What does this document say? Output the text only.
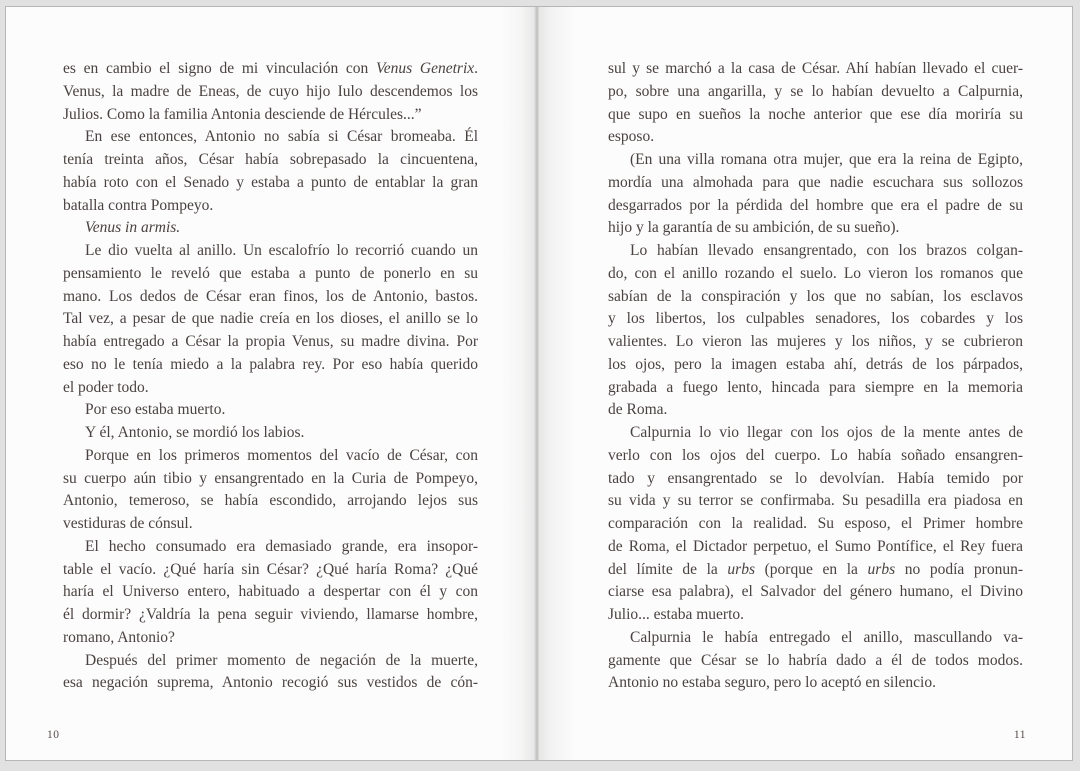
es en cambio el signo de mi vinculación con Venus Genetrix.
Venus, la madre de Eneas, de cuyo hijo Iulo descendemos los
Julios. Como la familia Antonia desciende de Hércules...”
En ese entonces, Antonio no sabía si César bromeaba. Él
tenía treinta años, César había sobrepasado la cincuentena,
había roto con el Senado y estaba a punto de entablar la gran
batalla contra Pompeyo.
Venus in armis.
Le dio vuelta al anillo. Un escalofrío lo recorrió cuando un
pensamiento le reveló que estaba a punto de ponerlo en su
mano. Los dedos de César eran finos, los de Antonio, bastos.
Tal vez, a pesar de que nadie creía en los dioses, el anillo se lo
había entregado a César la propia Venus, su madre divina. Por
eso no le tenía miedo a la palabra rey. Por eso había querido
el poder todo.
Por eso estaba muerto.
Y él, Antonio, se mordió los labios.
Porque en los primeros momentos del vacío de César, con
su cuerpo aún tibio y ensangrentado en la Curia de Pompeyo,
Antonio, temeroso, se había escondido, arrojando lejos sus
vestiduras de cónsul.
El hecho consumado era demasiado grande, era insopor-
table el vacío. ¿Qué haría sin César? ¿Qué haría Roma? ¿Qué
haría el Universo entero, habituado a despertar con él y con
él dormir? ¿Valdría la pena seguir viviendo, llamarse hombre,
romano, Antonio?
Después del primer momento de negación de la muerte,
esa negación suprema, Antonio recogió sus vestidos de cón-
10
sul y se marchó a la casa de César. Ahí habían llevado el cuer-
po, sobre una angarilla, y se lo habían devuelto a Calpurnia,
que supo en sueños la noche anterior que ese día moriría su
esposo.
(En una villa romana otra mujer, que era la reina de Egipto,
mordía una almohada para que nadie escuchara sus sollozos
desgarrados por la pérdida del hombre que era el padre de su
hijo y la garantía de su ambición, de su sueño).
Lo habían llevado ensangrentado, con los brazos colgan-
do, con el anillo rozando el suelo. Lo vieron los romanos que
sabían de la conspiración y los que no sabían, los esclavos
y los libertos, los culpables senadores, los cobardes y los
valientes. Lo vieron las mujeres y los niños, y se cubrieron
los ojos, pero la imagen estaba ahí, detrás de los párpados,
grabada a fuego lento, hincada para siempre en la memoria
de Roma.
Calpurnia lo vio llegar con los ojos de la mente antes de
verlo con los ojos del cuerpo. Lo había soñado ensangren-
tado y ensangrentado se lo devolvían. Había temido por
su vida y su terror se confirmaba. Su pesadilla era piadosa en
comparación con la realidad. Su esposo, el Primer hombre
de Roma, el Dictador perpetuo, el Sumo Pontífice, el Rey fuera
del límite de la urbs (porque en la urbs no podía pronun-
ciarse esa palabra), el Salvador del género humano, el Divino
Julio... estaba muerto.
Calpurnia le había entregado el anillo, mascullando va-
gamente que César se lo habría dado a él de todos modos.
Antonio no estaba seguro, pero lo aceptó en silencio.
11
